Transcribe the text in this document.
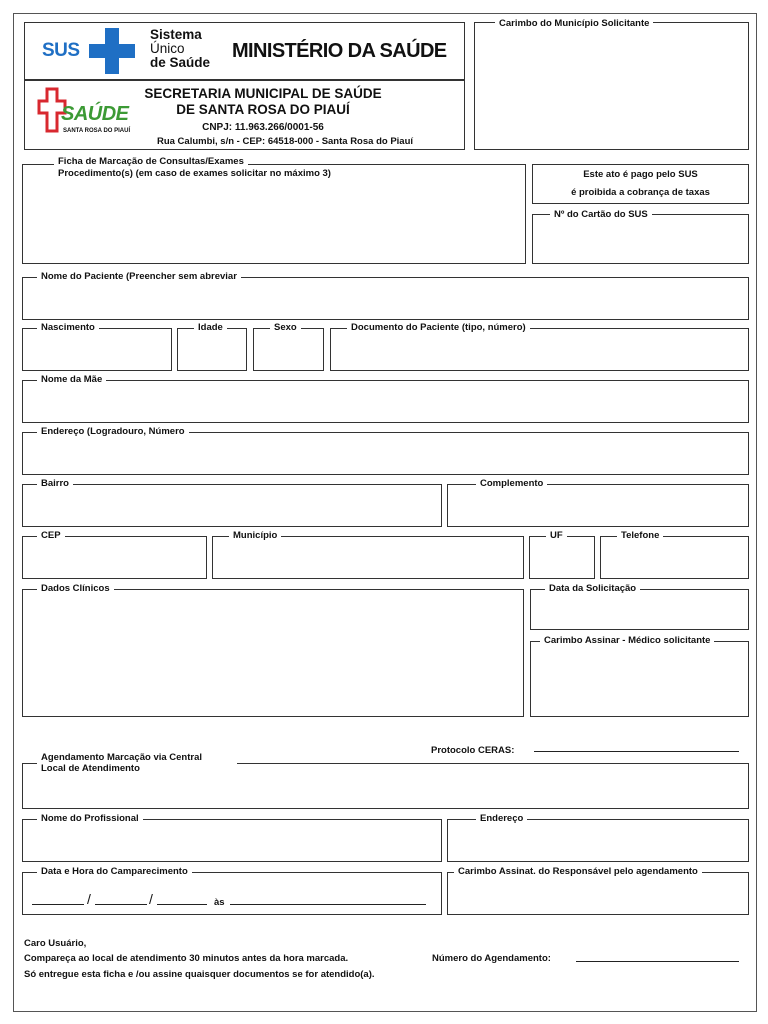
SUS
Sistema
Único
de Saúde
MINISTÉRIO DA SAÚDE
SAÚDE
SANTA ROSA DO PIAUÍ
SECRETARIA MUNICIPAL DE SAÚDE
DE SANTA ROSA DO PIAUÍ
CNPJ: 11.963.266/0001-56
Rua Calumbi, s/n - CEP: 64518-000 - Santa Rosa do Piauí
Carimbo do Município Solicitante
Ficha de Marcação de Consultas/Exames
Procedimento(s) (em caso de exames solicitar no máximo 3)	Este ato é pago pelo SUS
é proibida a cobrança de taxas
Nº do Cartão do SUS
Nome do Paciente (Preencher sem abreviar
Nascimento	Idade	Sexo	Documento do Paciente (tipo, número)
Nome da Mãe
Endereço (Logradouro, Número
Bairro	Complemento
CEP	Município	UF	Telefone
Dados Clínicos	Data da Solicitação
Carimbo Assinar - Médico solicitante
Protocolo CERAS:
Agendamento Marcação via Central
Local de Atendimento
Nome do Profissional	Endereço
Data e Hora do Camparecimento
/	/	às
Carimbo Assinat. do Responsável pelo agendamento
Caro Usuário,
Compareça ao local de atendimento 30 minutos antes da hora marcada.
Só entregue esta ficha e /ou assine quaisquer documentos se for atendido(a).
Número do Agendamento:
